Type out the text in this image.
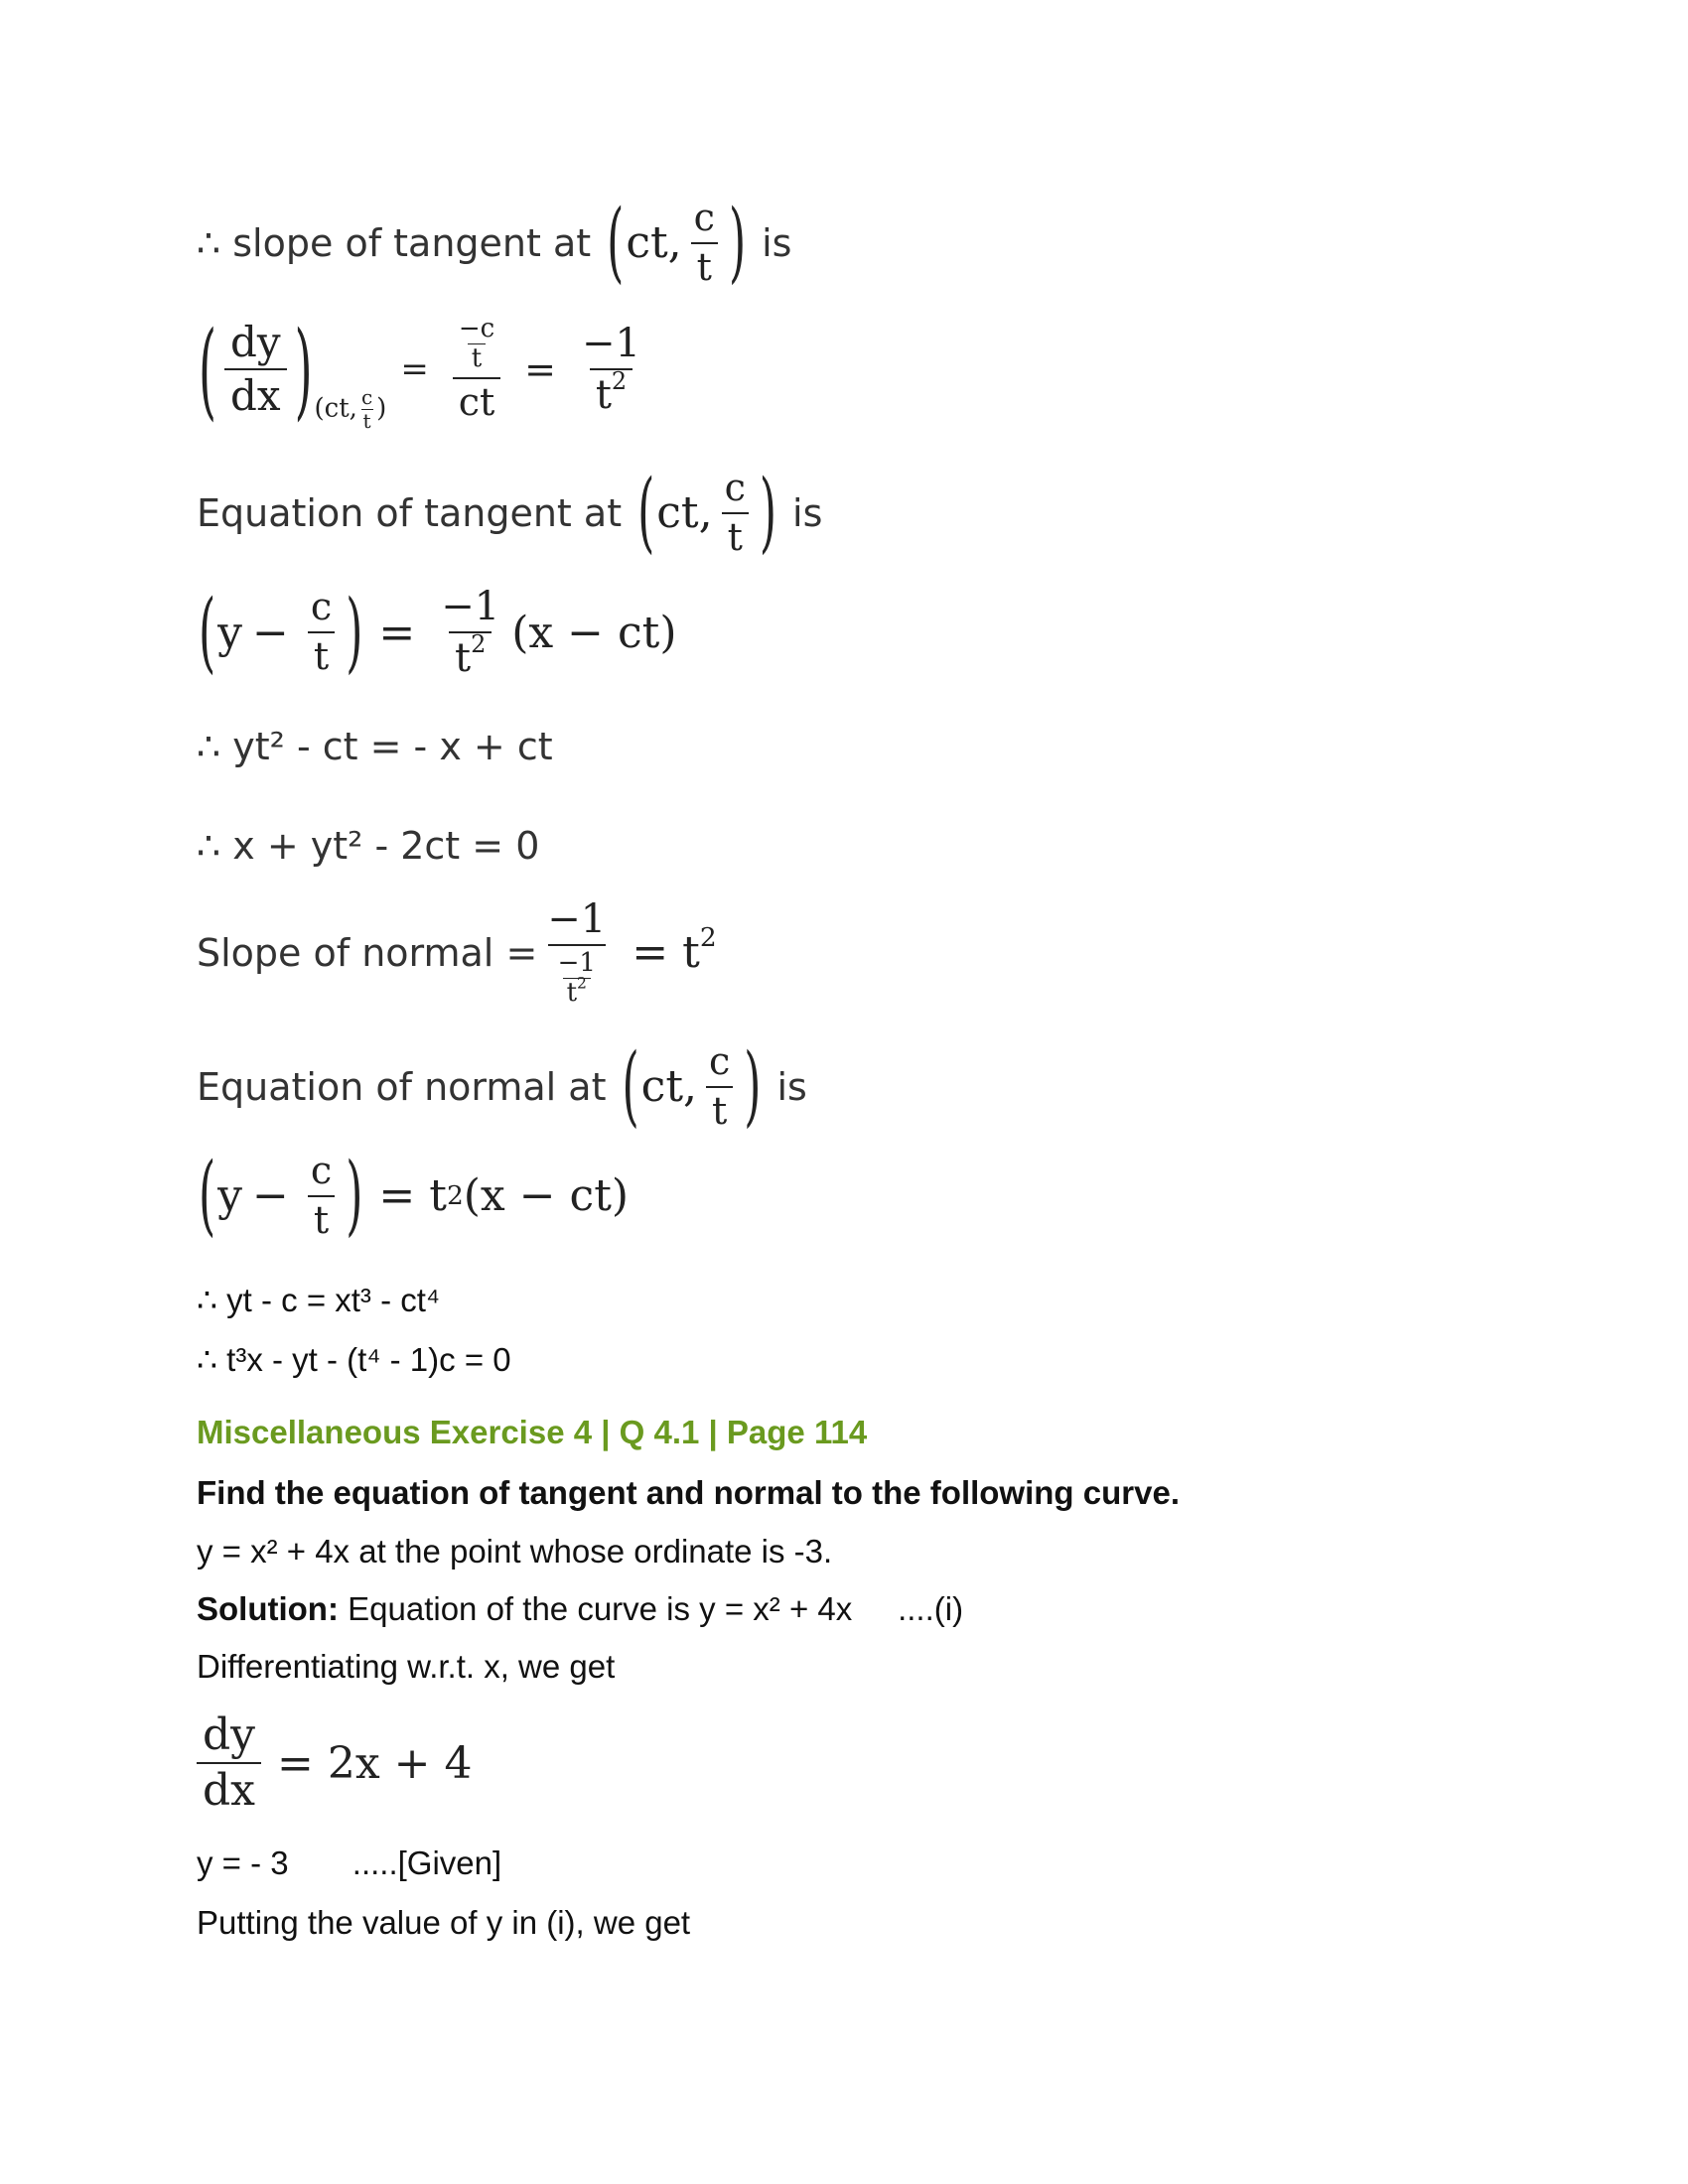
∴ slope of tangent at ( ct, $\frac{c}{t}$ ) is
( $\frac{dy}{dx}$ ) (ct, $\frac{c}{t}$ )
= $\frac{\frac{-c}{t}}{ct} = \frac{-1}{t^2}$
Equation of tangent at ( ct, $\frac{c}{t}$ ) is
( $y - \frac{c}{t}$ ) = $\frac{-1}{t^2} (x - ct)$
∴ yt² - ct = - x + ct
∴ x + yt² - 2ct = 0
Slope of normal = $\frac{-1}{\frac{-1}{t^2}} = t^2$
Equation of normal at ( ct, $\frac{c}{t}$ ) is
( $y - \frac{c}{t}$ ) = t 2 (x − ct)
∴ yt - c = xt³ - ct⁴
∴ t³x - yt - (t⁴ - 1)c = 0
Miscellaneous Exercise 4 | Q 4.1 | Page 114
Find the equation of tangent and normal to the following curve.
y = x² + 4x at the point whose ordinate is -3.
Solution: Equation of the curve is y = x² + 4x     ....(i)
Differentiating w.r.t. x, we get
$\frac{dy}{dx} = 2x + 4$
y = - 3       .....[Given]
Putting the value of y in (i), we get
